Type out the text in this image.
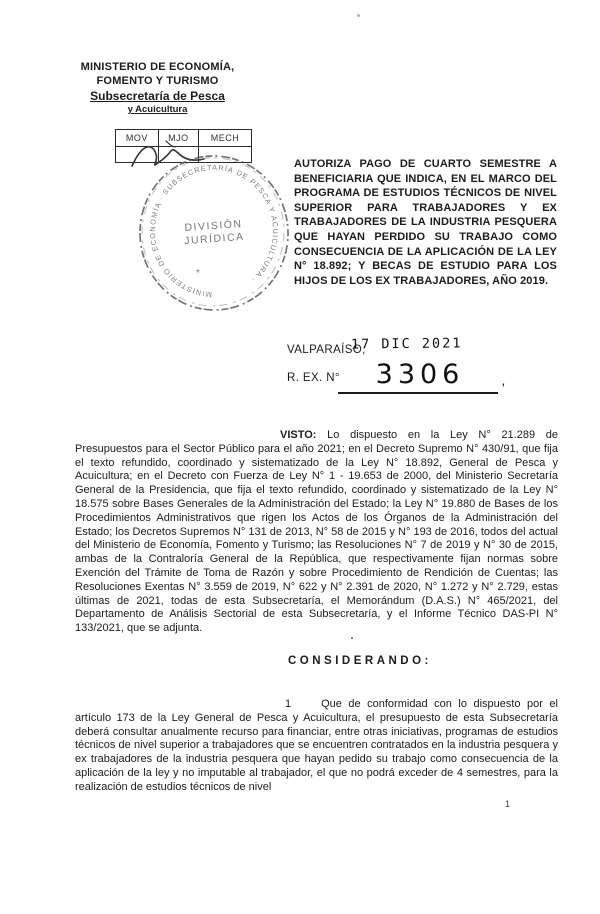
MINISTERIO DE ECONOMÍA,
FOMENTO Y TURISMO
Subsecretaría de Pesca
y Acuicultura
MOV	MJO	MECH

MINISTERIO DE ECONOMÍA · SUBSECRETARÍA DE PESCA Y ACUICULTURA ·
DIVISIÓN
JURÍDICA
*
AUTORIZA PAGO DE CUARTO SEMESTRE A BENEFICIARIA QUE INDICA, EN EL MARCO DEL PROGRAMA DE ESTUDIOS TÉCNICOS DE NIVEL SUPERIOR PARA TRABAJADORES Y EX TRABAJADORES DE LA INDUSTRIA PESQUERA QUE HAYAN PERDIDO SU TRABAJO COMO CONSECUENCIA DE LA APLICACIÓN DE LA LEY N° 18.892; Y BECAS DE ESTUDIO PARA LOS HIJOS DE LOS EX TRABAJADORES, AÑO 2019.
VALPARAÍSO,
17 DIC 2021
R. EX. N°	3306	,

VISTO: Lo dispuesto en la Ley N° 21.289 de Presupuestos para el Sector Público para el año 2021; en el Decreto Supremo N° 430/91, que fija el texto refundido, coordinado y sistematizado de la Ley N° 18.892, General de Pesca y Acuicultura; en el Decreto con Fuerza de Ley N° 1 - 19.653 de 2000, del Ministerio Secretaría General de la Presidencia, que fija el texto refundido, coordinado y sistematizado de la Ley N° 18.575 sobre Bases Generales de la Administración del Estado; la Ley N° 19.880 de Bases de los Procedimientos Administrativos que rigen los Actos de los Órganos de la Administración del Estado; los Decretos Supremos N° 131 de 2013, N° 58 de 2015 y N° 193 de 2016, todos del actual del Ministerio de Economía, Fomento y Turismo; las Resoluciones N° 7 de 2019 y N° 30 de 2015, ambas de la Contraloría General de la República, que respectivamente fijan normas sobre Exención del Trámite de Toma de Razón y sobre Procedimiento de Rendición de Cuentas; las Resoluciones Exentas N° 3.559 de 2019, N° 622 y N° 2.391 de 2020, N° 1.272 y N° 2.729, estas últimas de 2021, todas de esta Subsecretaría, el Memorándum (D.A.S.) N° 465/2021, del Departamento de Análisis Sectorial de esta Subsecretaría, y el Informe Técnico DAS-PI N° 133/2021, que se adjunta.

CONSIDERANDO:

1	Que de conformidad con lo dispuesto por el artículo 173 de la Ley General de Pesca y Acuicultura, el presupuesto de esta Subsecretaría deberá consultar anualmente recurso para financiar, entre otras iniciativas, programas de estudios técnicos de nivel superior a trabajadores que se encuentren contratados en la industria pesquera y ex trabajadores de la industria pesquera que hayan pedido su trabajo como consecuencia de la aplicación de la ley y no imputable al trabajador, el que no podrá exceder de 4 semestres, para la realización de estudios técnicos de nivel

1
